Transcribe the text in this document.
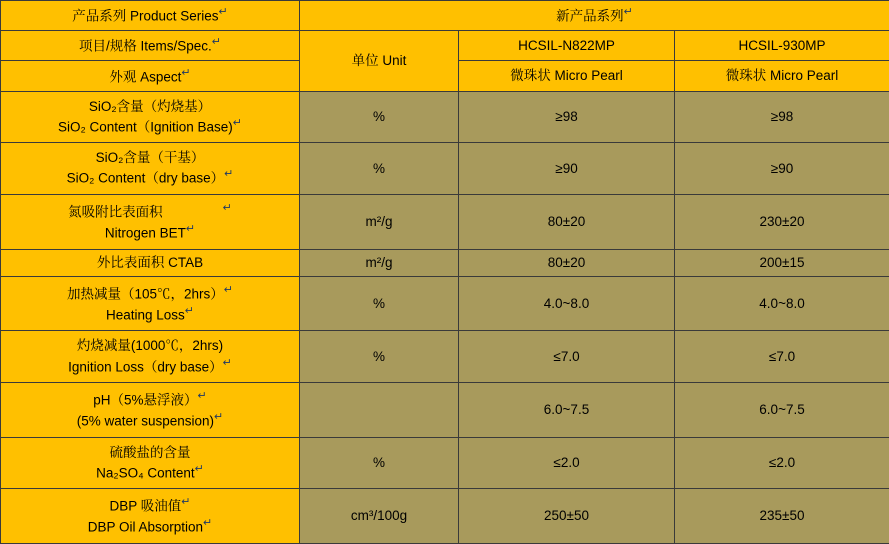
产品系列 Product Series↵	新产品系列↵
项目/规格 Items/Spec.↵	单位 Unit	HCSIL-N822MP	HCSIL-930MP
外观 Aspect↵		微珠状 Micro Pearl	微珠状 Micro Pearl

SiO₂含量（灼烧基）
SiO₂ Content（Ignition Base)↵	%	≥98	≥98

SiO₂含量（干基）
SiO₂ Content（dry base）↵	%	≥90	≥90

氮吸附比表面积 ↵
Nitrogen BET↵	m²/g	80±20	230±20

外比表面积 CTAB	m²/g	80±20	200±15

加热减量（105℃，2hrs）↵
Heating Loss↵	%	4.0~8.0	4.0~8.0

灼烧减量(1000℃，2hrs)
Ignition Loss（dry base）↵	%	≤7.0	≤7.0

pH（5%悬浮液）↵
(5% water suspension)↵		6.0~7.5	6.0~7.5

硫酸盐的含量
Na₂SO₄ Content↵	%	≤2.0	≤2.0

DBP 吸油值↵
DBP Oil Absorption↵	cm³/100g	250±50	235±50
